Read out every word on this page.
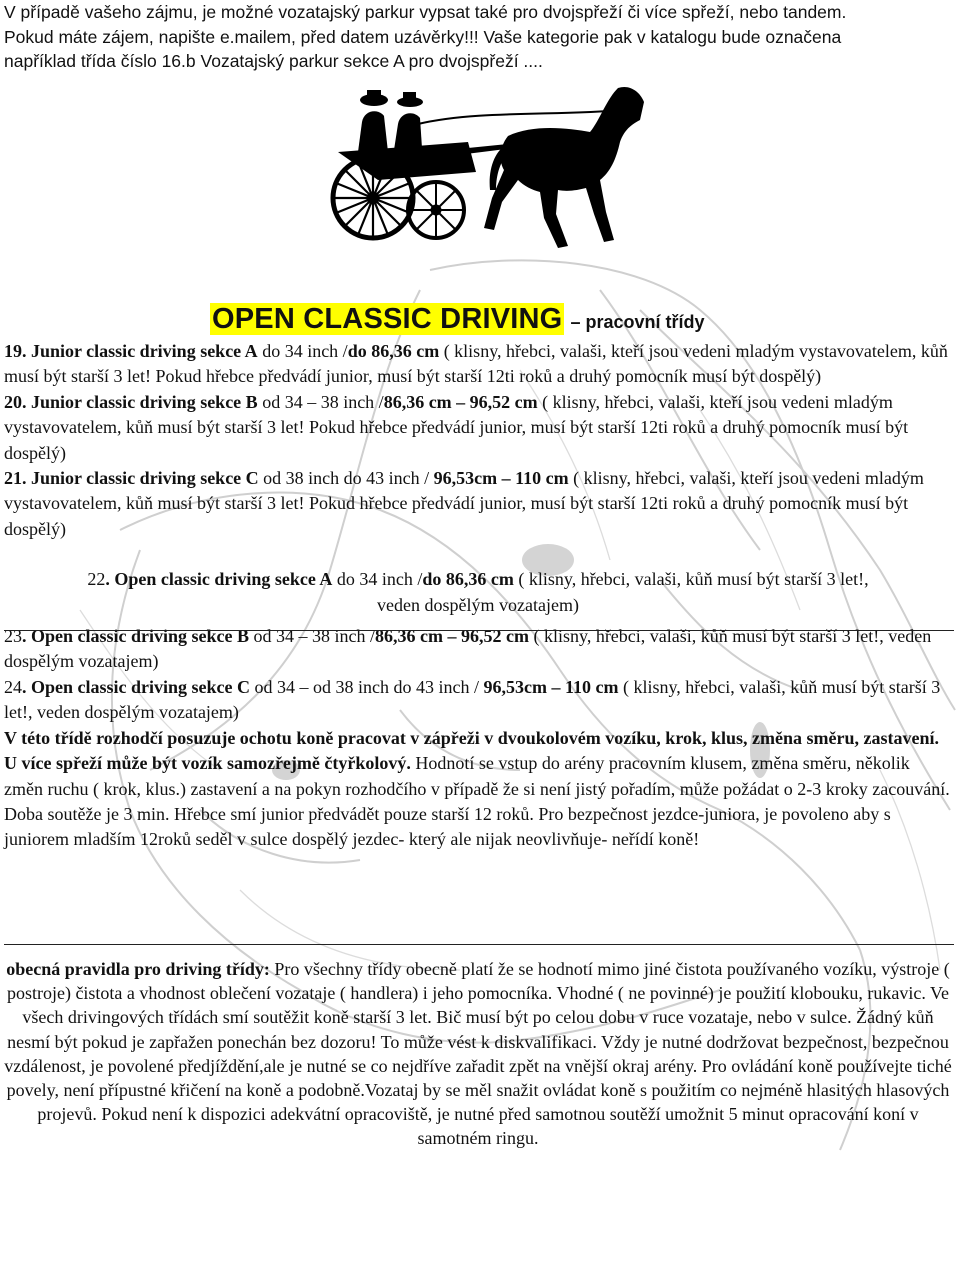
V případě vašeho zájmu, je možné vozatajský parkur vypsat také pro dvojspřeží či více spřeží, nebo tandem.
Pokud máte zájem, napište e.mailem, před datem uzávěrky!!! Vaše kategorie pak v katalogu bude označena
například třída číslo 16.b Vozatajský parkur sekce A pro dvojspřeží ....
OPEN CLASSIC DRIVING – pracovní třídy

19. Junior classic driving sekce A do 34 inch /do 86,36 cm ( klisny, hřebci, valaši, kteří jsou vedeni mladým vystavovatelem, kůň musí být starší 3 let! Pokud hřebce předvádí junior, musí být starší 12ti roků a druhý pomocník musí být dospělý)

20. Junior classic driving sekce B od 34 – 38 inch /86,36 cm – 96,52 cm ( klisny, hřebci, valaši, kteří jsou vedeni mladým vystavovatelem, kůň musí být starší 3 let! Pokud hřebce předvádí junior, musí být starší 12ti roků a druhý pomocník musí být dospělý)

21. Junior classic driving sekce C od 38 inch do 43 inch / 96,53cm – 110 cm ( klisny, hřebci, valaši, kteří jsou vedeni mladým vystavovatelem, kůň musí být starší 3 let! Pokud hřebce předvádí junior, musí být starší 12ti roků a druhý pomocník musí být dospělý)

22. Open classic driving sekce A do 34 inch /do 86,36 cm ( klisny, hřebci, valaši, kůň musí být starší 3 let!,
veden dospělým vozatajem)

23. Open classic driving sekce B od 34 – 38 inch /86,36 cm – 96,52 cm ( klisny, hřebci, valaši, kůň musí být starší 3 let!, veden dospělým vozatajem)

24. Open classic driving sekce C od 34 – od 38 inch do 43 inch / 96,53cm – 110 cm ( klisny, hřebci, valaši, kůň musí být starší 3 let!, veden dospělým vozatajem)

V této třídě rozhodčí posuzuje ochotu koně pracovat v zápřeži v dvoukolovém vozíku, krok, klus, změna směru, zastavení. U více spřeží může být vozík samozřejmě čtyřkolový. Hodnotí se vstup do arény pracovním klusem, změna směru, několik změn ruchu ( krok, klus.) zastavení a na pokyn rozhodčího v případě že si není jistý pořadím, může požádat o 2-3 kroky zacouvání. Doba soutěže je 3 min. Hřebce smí junior předvádět pouze starší 12 roků. Pro bezpečnost jezdce-juniora, je povoleno aby s juniorem mladším 12roků seděl v sulce dospělý jezdec- který ale nijak neovlivňuje- neřídí koně!

obecná pravidla pro driving třídy: Pro všechny třídy obecně platí že se hodnotí mimo jiné čistota používaného vozíku, výstroje ( postroje) čistota a vhodnost oblečení vozataje ( handlera) i jeho pomocníka. Vhodné ( ne povinné) je použití klobouku, rukavic. Ve všech drivingových třídách smí soutěžit koně starší 3 let. Bič musí být po celou dobu v ruce vozataje, nebo v sulce. Žádný kůň nesmí být pokud je zapřažen ponechán bez dozoru! To může vést k diskvalifikaci. Vždy je nutné dodržovat bezpečnost, bezpečnou vzdálenost, je povolené předjíždění,ale je nutné se co nejdříve zařadit zpět na vnější okraj arény. Pro ovládání koně používejte tiché povely, není přípustné křičení na koně a podobně.Vozataj by se měl snažit ovládat koně s použitím co nejméně hlasitých hlasových projevů. Pokud není k dispozici adekvátní opracoviště, je nutné před samotnou soutěží umožnit 5 minut opracování koní v samotném ringu.
